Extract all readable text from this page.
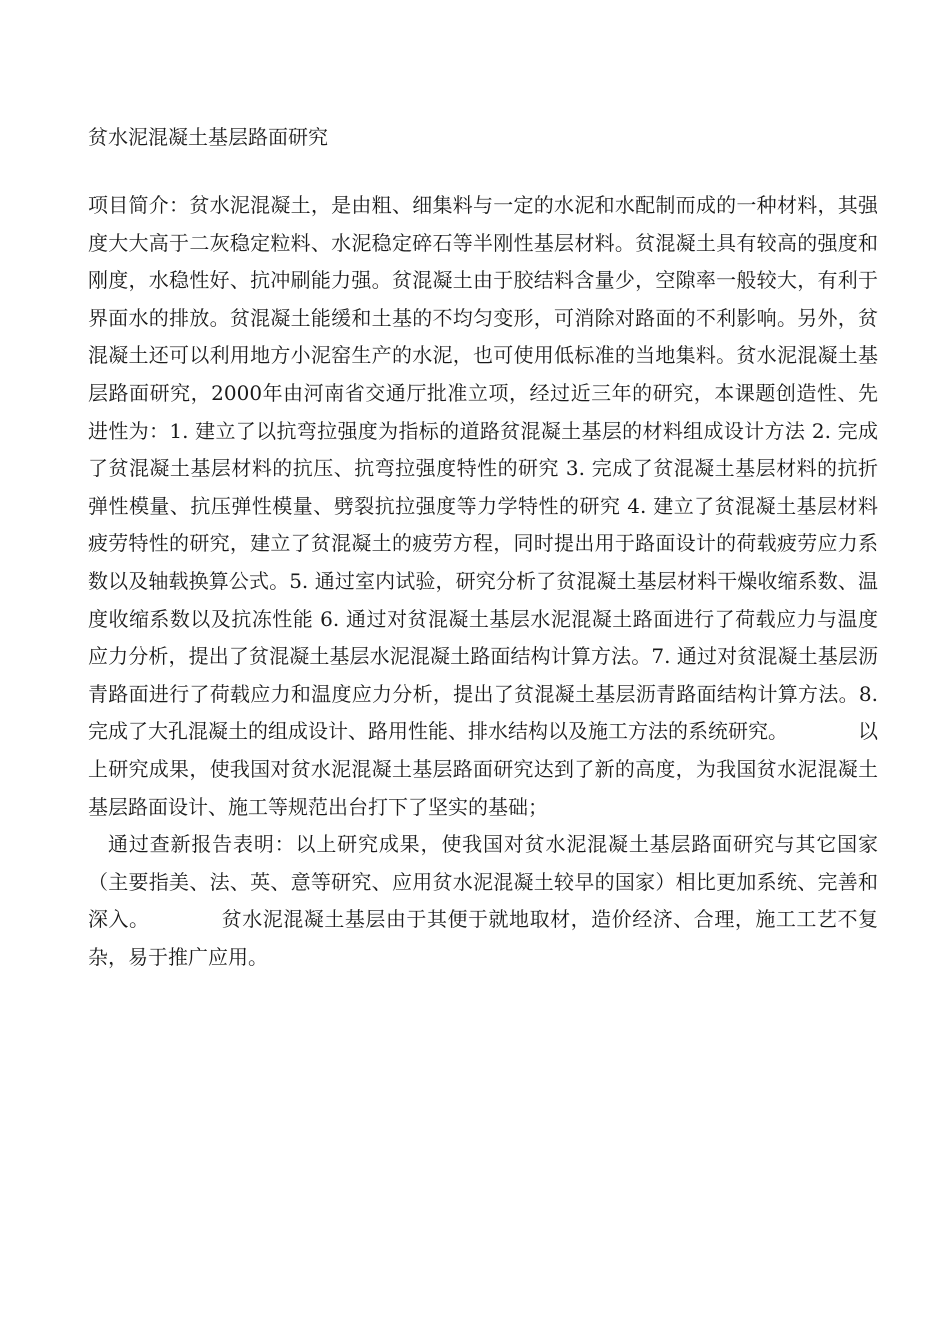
贫水泥混凝土基层路面研究

项目简介：贫水泥混凝土，是由粗、细集料与一定的水泥和水配制而成的一种材料，其强度大大高于二灰稳定粒料、水泥稳定碎石等半刚性基层材料。贫混凝土具有较高的强度和刚度，水稳性好、抗冲刷能力强。贫混凝土由于胶结料含量少，空隙率一般较大，有利于界面水的排放。贫混凝土能缓和土基的不均匀变形，可消除对路面的不利影响。另外，贫混凝土还可以利用地方小泥窑生产的水泥，也可使用低标准的当地集料。贫水泥混凝土基层路面研究，2000年由河南省交通厅批准立项，经过近三年的研究，本课题创造性、先进性为：1. 建立了以抗弯拉强度为指标的道路贫混凝土基层的材料组成设计方法 2. 完成了贫混凝土基层材料的抗压、抗弯拉强度特性的研究 3. 完成了贫混凝土基层材料的抗折弹性模量、抗压弹性模量、劈裂抗拉强度等力学特性的研究 4. 建立了贫混凝土基层材料疲劳特性的研究，建立了贫混凝土的疲劳方程，同时提出用于路面设计的荷载疲劳应力系数以及轴载换算公式。5. 通过室内试验，研究分析了贫混凝土基层材料干燥收缩系数、温度收缩系数以及抗冻性能 6. 通过对贫混凝土基层水泥混凝土路面进行了荷载应力与温度应力分析，提出了贫混凝土基层水泥混凝土路面结构计算方法。7. 通过对贫混凝土基层沥青路面进行了荷载应力和温度应力分析，提出了贫混凝土基层沥青路面结构计算方法。8. 完成了大孔混凝土的组成设计、路用性能、排水结构以及施工方法的系统研究。　　　　以上研究成果，使我国对贫水泥混凝土基层路面研究达到了新的高度，为我国贫水泥混凝土基层路面设计、施工等规范出台打下了坚实的基础；

通过查新报告表明：以上研究成果，使我国对贫水泥混凝土基层路面研究与其它国家（主要指美、法、英、意等研究、应用贫水泥混凝土较早的国家）相比更加系统、完善和深入。　　　　贫水泥混凝土基层由于其便于就地取材，造价经济、合理，施工工艺不复杂，易于推广应用。
